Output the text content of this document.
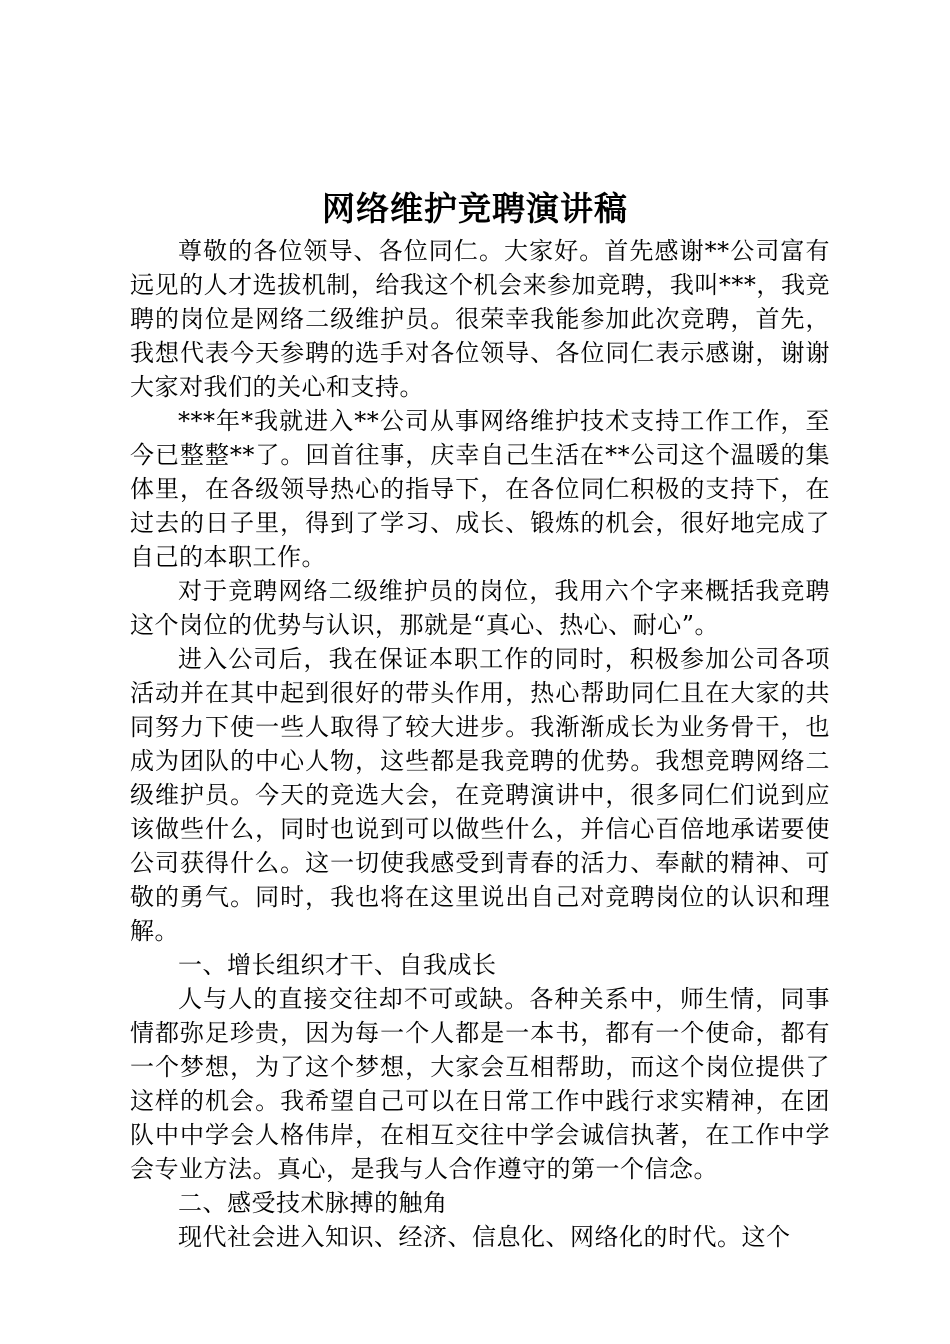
网络维护竞聘演讲稿

尊敬的各位领导、各位同仁。大家好。首先感谢**公司富有远见的人才选拔机制，给我这个机会来参加竞聘，我叫***，我竞聘的岗位是网络二级维护员。很荣幸我能参加此次竞聘，首先，我想代表今天参聘的选手对各位领导、各位同仁表示感谢，谢谢大家对我们的关心和支持。

***年*我就进入**公司从事网络维护技术支持工作工作，至今已整整**了。回首往事，庆幸自己生活在**公司这个温暖的集体里，在各级领导热心的指导下，在各位同仁积极的支持下，在过去的日子里，得到了学习、成长、锻炼的机会，很好地完成了自己的本职工作。

对于竞聘网络二级维护员的岗位，我用六个字来概括我竞聘这个岗位的优势与认识，那就是“真心、热心、耐心”。

进入公司后，我在保证本职工作的同时，积极参加公司各项活动并在其中起到很好的带头作用，热心帮助同仁且在大家的共同努力下使一些人取得了较大进步。我渐渐成长为业务骨干，也成为团队的中心人物，这些都是我竞聘的优势。我想竞聘网络二级维护员。今天的竞选大会，在竞聘演讲中，很多同仁们说到应该做些什么，同时也说到可以做些什么，并信心百倍地承诺要使公司获得什么。这一切使我感受到青春的活力、奉献的精神、可敬的勇气。同时，我也将在这里说出自己对竞聘岗位的认识和理解。

一、增长组织才干、自我成长

人与人的直接交往却不可或缺。各种关系中，师生情，同事情都弥足珍贵，因为每一个人都是一本书，都有一个使命，都有一个梦想，为了这个梦想，大家会互相帮助，而这个岗位提供了这样的机会。我希望自己可以在日常工作中践行求实精神，在团队中中学会人格伟岸，在相互交往中学会诚信执著，在工作中学会专业方法。真心，是我与人合作遵守的第一个信念。

二、感受技术脉搏的触角

现代社会进入知识、经济、信息化、网络化的时代。这个
